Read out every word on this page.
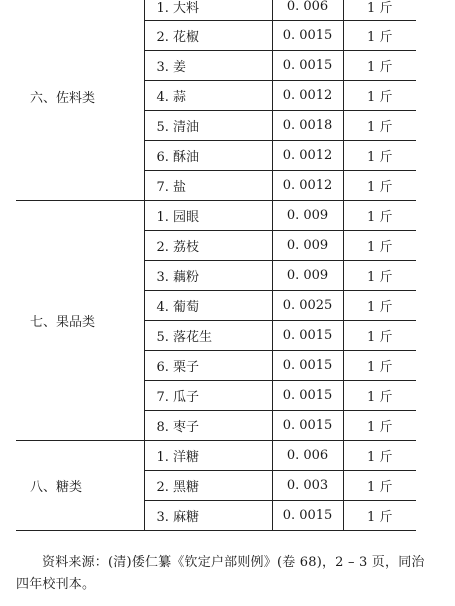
六、佐料类	1. 大料	0. 006	1 斤
	2. 花椒	0. 0015	1 斤
	3. 姜	0. 0015	1 斤
	4. 蒜	0. 0012	1 斤
	5. 清油	0. 0018	1 斤
	6. 酥油	0. 0012	1 斤
	7. 盐	0. 0012	1 斤
七、果品类	1. 园眼	0. 009	1 斤
	2. 荔枝	0. 009	1 斤
	3. 藕粉	0. 009	1 斤
	4. 葡萄	0. 0025	1 斤
	5. 落花生	0. 0015	1 斤
	6. 栗子	0. 0015	1 斤
	7. 瓜子	0. 0015	1 斤
	8. 枣子	0. 0015	1 斤
八、糖类	1. 洋糖	0. 006	1 斤
	2. 黑糖	0. 003	1 斤
	3. 麻糖	0. 0015	1 斤
资料来源：(清)倭仁纂《钦定户部则例》(卷 68)，2 – 3 页，同治四年校刊本。
